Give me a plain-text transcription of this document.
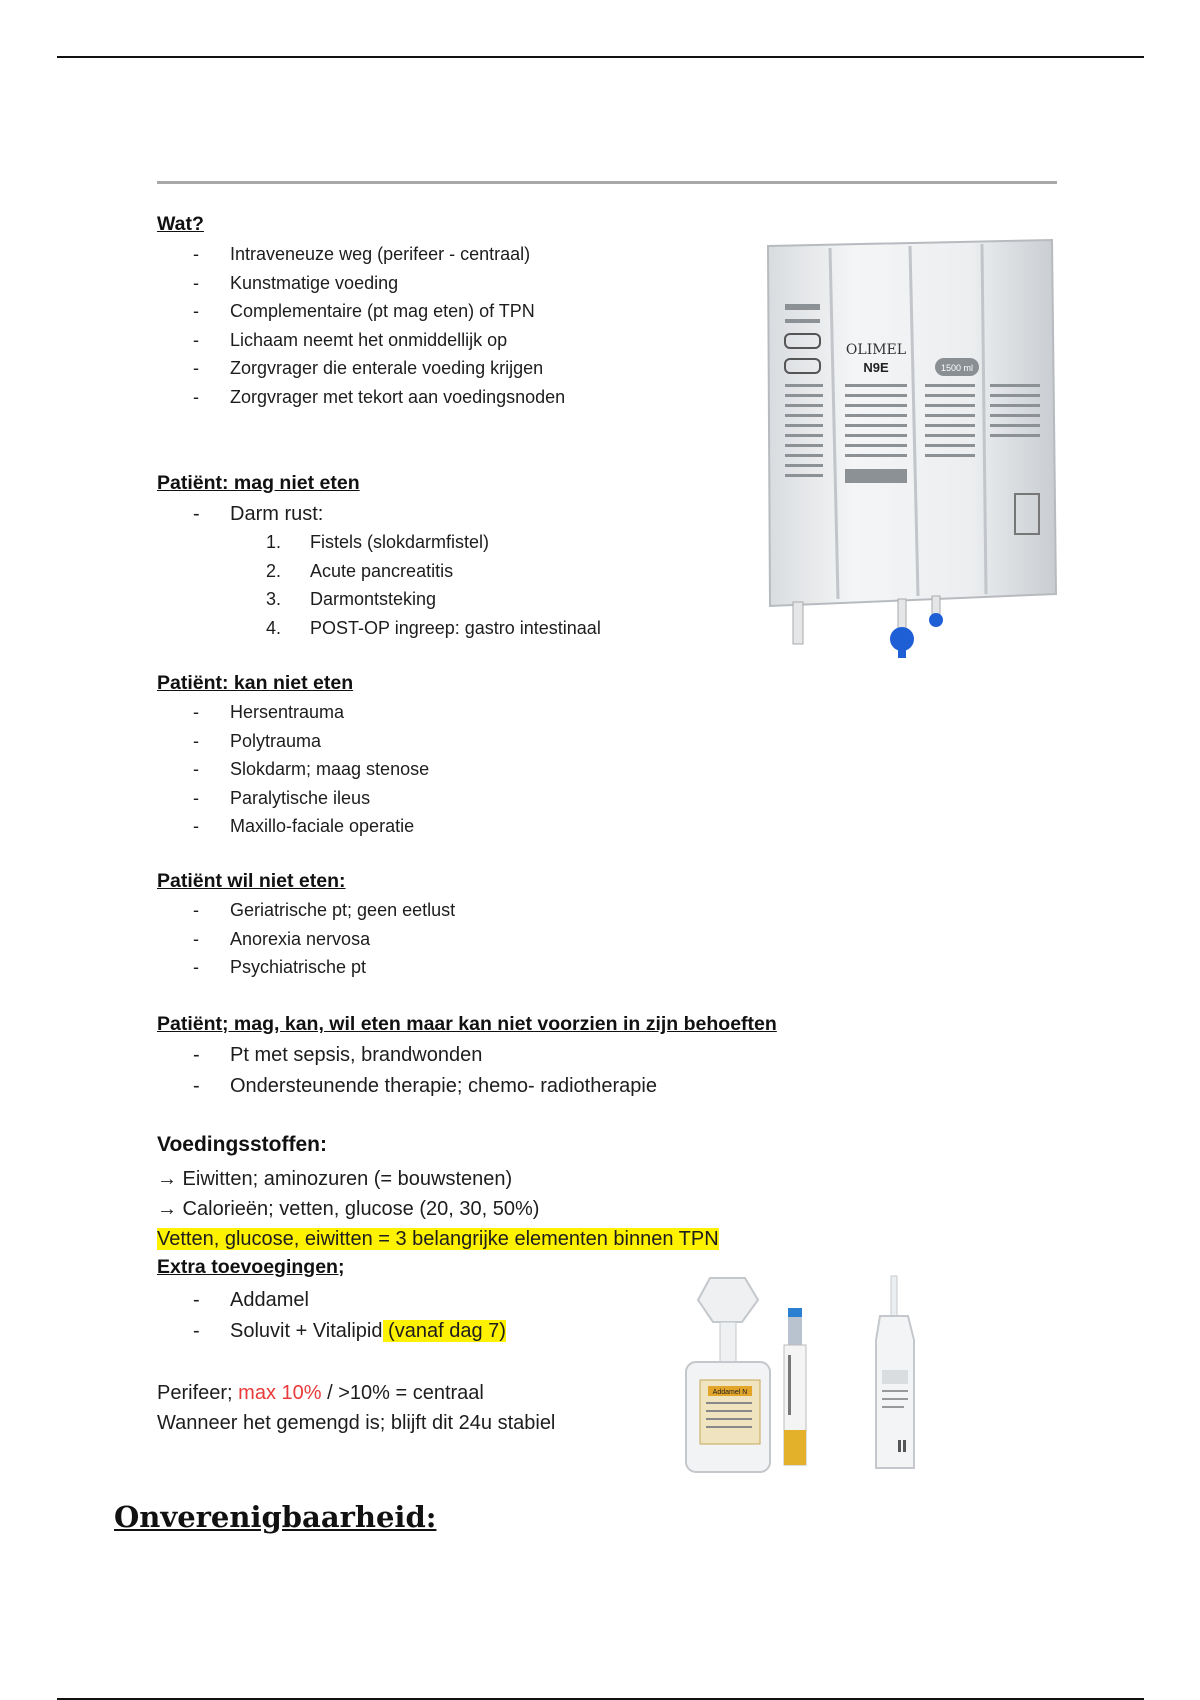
Wat?
- Intraveneuze weg (perifeer - centraal)
- Kunstmatige voeding
- Complementaire (pt mag eten) of TPN
- Lichaam neemt het onmiddellijk op
- Zorgvrager die enterale voeding krijgen
- Zorgvrager met tekort aan voedingsnoden
Patiënt: mag niet eten
- Darm rust:
1. Fistels (slokdarmfistel)
2. Acute pancreatitis
3. Darmontsteking
4. POST-OP ingreep: gastro intestinaal
Patiënt: kan niet eten
- Hersentrauma
- Polytrauma
- Slokdarm; maag stenose
- Paralytische ileus
- Maxillo-faciale operatie
Patiënt wil niet eten:
- Geriatrische pt; geen eetlust
- Anorexia nervosa
- Psychiatrische pt
Patiënt; mag, kan, wil eten maar kan niet voorzien in zijn behoeften
- Pt met sepsis, brandwonden
- Ondersteunende therapie; chemo- radiotherapie
Voedingsstoffen:
→ Eiwitten; aminozuren (= bouwstenen)
→ Calorieën; vetten, glucose (20, 30, 50%)
Vetten, glucose, eiwitten = 3 belangrijke elementen binnen TPN
Extra toevoegingen;
- Addamel
- Soluvit + Vitalipid (vanaf dag 7)
Perifeer; max 10% / >10% = centraal
Wanneer het gemengd is; blijft dit 24u stabiel
Onverenigbaarheid:
OLIMEL
N9E	1500 ml
Addamel N
